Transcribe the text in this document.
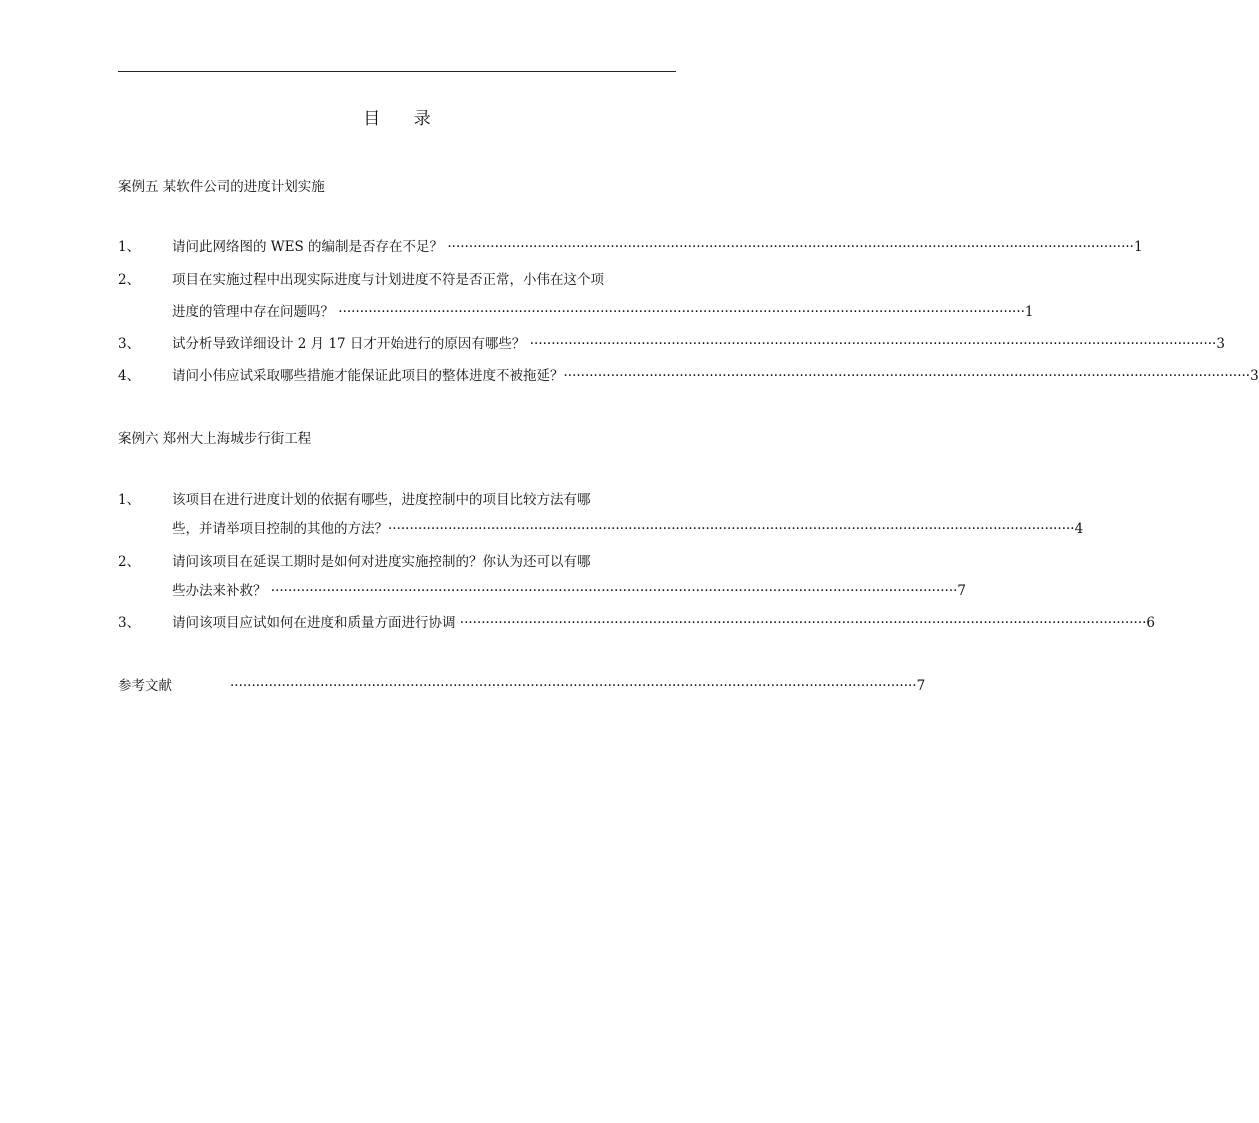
目 录
案例五 某软件公司的进度计划实施
1、 请问此网络图的 WES 的编制是否存在不足？ ································································································································································ 1
2、 项目在实施过程中出现实际进度与计划进度不符是否正常，小伟在这个项
进度的管理中存在问题吗？ ································································································································································ 1
3、 试分析导致详细设计 2 月 17 日才开始进行的原因有哪些？ ································································································································································ 3
4、 请问小伟应试采取哪些措施才能保证此项目的整体进度不被拖延？································································································································································ 3
案例六 郑州大上海城步行街工程
1、 该项目在进行进度计划的依据有哪些，进度控制中的项目比较方法有哪
些，并请举项目控制的其他的方法？································································································································································ 4
2、 请问该项目在延误工期时是如何对进度实施控制的？你认为还可以有哪
些办法来补救？ ································································································································································ 7
3、 请问该项目应试如何在进度和质量方面进行协调 ································································································································································ 6
参考文献	································································································································································ 7
